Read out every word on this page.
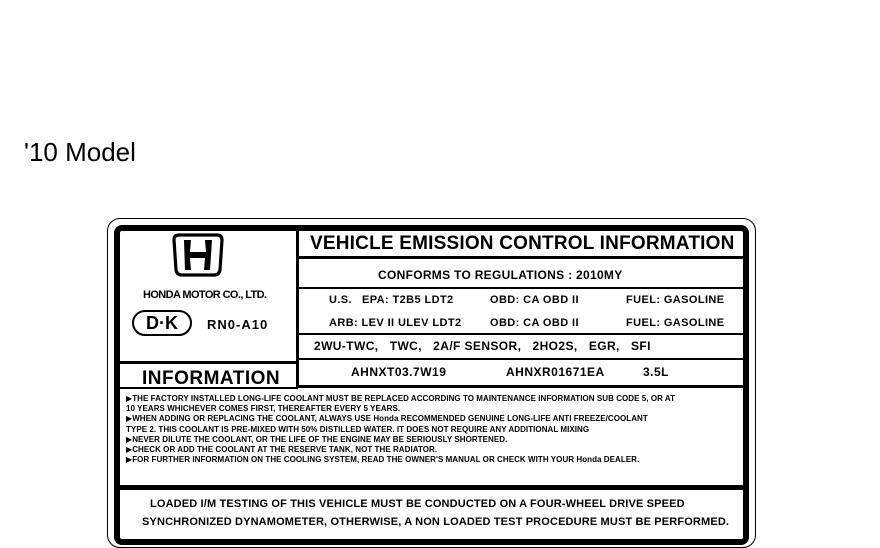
'10 Model
HONDA MOTOR CO., LTD.
D·K	RN0-A10
VEHICLE EMISSION CONTROL INFORMATION
CONFORMS TO REGULATIONS : 2010MY
U.S. EPA: T2B5 LDT2	OBD: CA OBD II	FUEL: GASOLINE
ARB: LEV II ULEV LDT2	OBD: CA OBD II	FUEL: GASOLINE
2WU-TWC,   TWC,   2A/F SENSOR,   2HO2S,   EGR,   SFI
AHNXT03.7W19	AHNXR01671EA	3.5L
INFORMATION
▶THE FACTORY INSTALLED LONG-LIFE COOLANT MUST BE REPLACED ACCORDING TO MAINTENANCE INFORMATION SUB CODE 5, OR AT
10 YEARS WHICHEVER COMES FIRST, THEREAFTER EVERY 5 YEARS.
▶WHEN ADDING OR REPLACING THE COOLANT, ALWAYS USE Honda RECOMMENDED GENUINE LONG-LIFE ANTI FREEZE/COOLANT
TYPE 2. THIS COOLANT IS PRE-MIXED WITH 50% DISTILLED WATER. IT DOES NOT REQUIRE ANY ADDITIONAL MIXING
▶NEVER DILUTE THE COOLANT, OR THE LIFE OF THE ENGINE MAY BE SERIOUSLY SHORTENED.
▶CHECK OR ADD THE COOLANT AT THE RESERVE TANK, NOT THE RADIATOR.
▶FOR FURTHER INFORMATION ON THE COOLING SYSTEM, READ THE OWNER'S MANUAL OR CHECK WITH YOUR Honda DEALER.
LOADED I/M TESTING OF THIS VEHICLE MUST BE CONDUCTED ON A FOUR-WHEEL DRIVE SPEED
SYNCHRONIZED DYNAMOMETER, OTHERWISE, A NON LOADED TEST PROCEDURE MUST BE PERFORMED.
